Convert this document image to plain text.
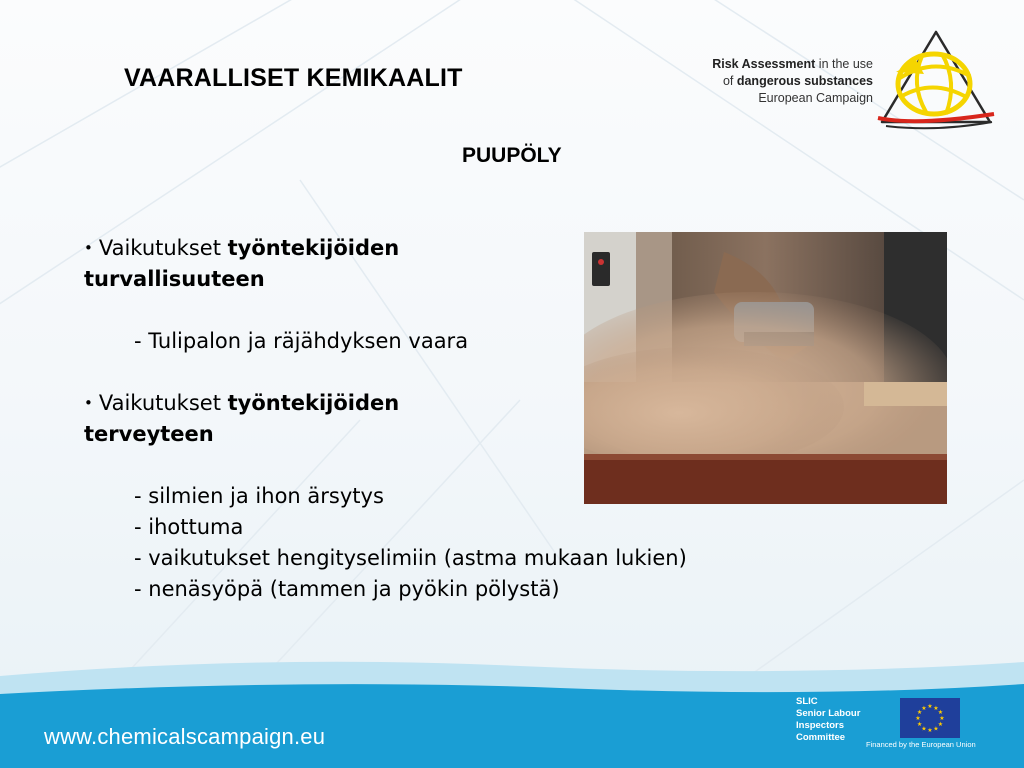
VAARALLISET KEMIKAALIT
PUUPÖLY
Risk Assessment in the use
of dangerous substances
European Campaign
• Vaikutukset työntekijöiden
turvallisuuteen
- Tulipalon ja räjähdyksen vaara
• Vaikutukset työntekijöiden
terveyteen
- silmien ja ihon ärsytys
- ihottuma
- vaikutukset hengityselimiin (astma mukaan lukien)
- nenäsyöpä (tammen ja pyökin pölystä)
www.chemicalscampaign.eu
SLIC
Senior Labour
Inspectors
Committee
★ ★
★
★
★
★
★
★
★
★
★
★
Financed by the European Union
